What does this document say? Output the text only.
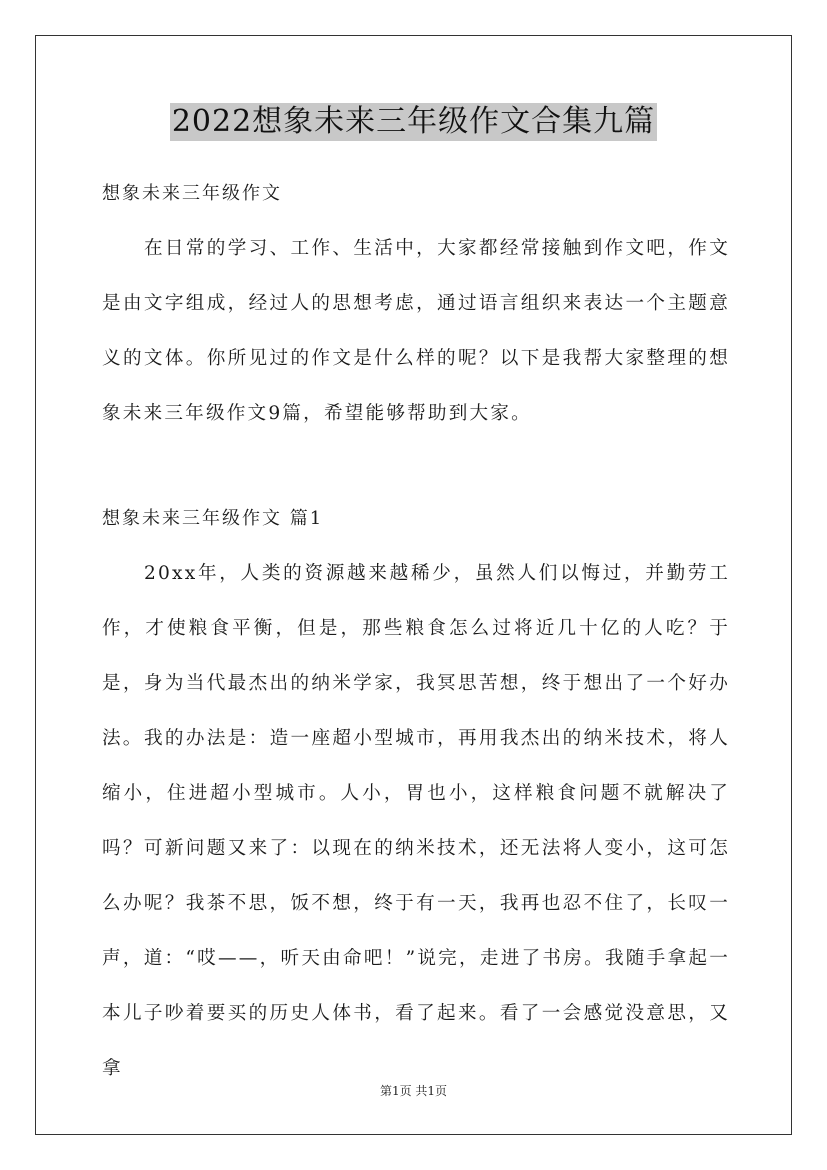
2022想象未来三年级作文合集九篇
想象未来三年级作文
在日常的学习、工作、生活中，大家都经常接触到作文吧，作文是由文字组成，经过人的思想考虑，通过语言组织来表达一个主题意义的文体。你所见过的作文是什么样的呢？以下是我帮大家整理的想象未来三年级作文9篇，希望能够帮助到大家。
想象未来三年级作文 篇1
20xx年，人类的资源越来越稀少，虽然人们以悔过，并勤劳工作，才使粮食平衡，但是，那些粮食怎么过将近几十亿的人吃？于是，身为当代最杰出的纳米学家，我冥思苦想，终于想出了一个好办法。 我的办法是：造一座超小型城市，再用我杰出的纳米技术，将人缩小，住进超小型城市。人小，胃也小，这样粮食问题不就解决了吗？可新问题又来了：以现在的纳米技术，还无法将人变小，这可怎么办呢？我茶不思，饭不想，终于有一天，我再也忍不住了，长叹一声，道：“哎——，听天由命吧！”说完，走进了书房。我随手拿起一本儿子吵着要买的历史人体书，看了起来。看了一会感觉没意思，又拿
第1页 共1页
